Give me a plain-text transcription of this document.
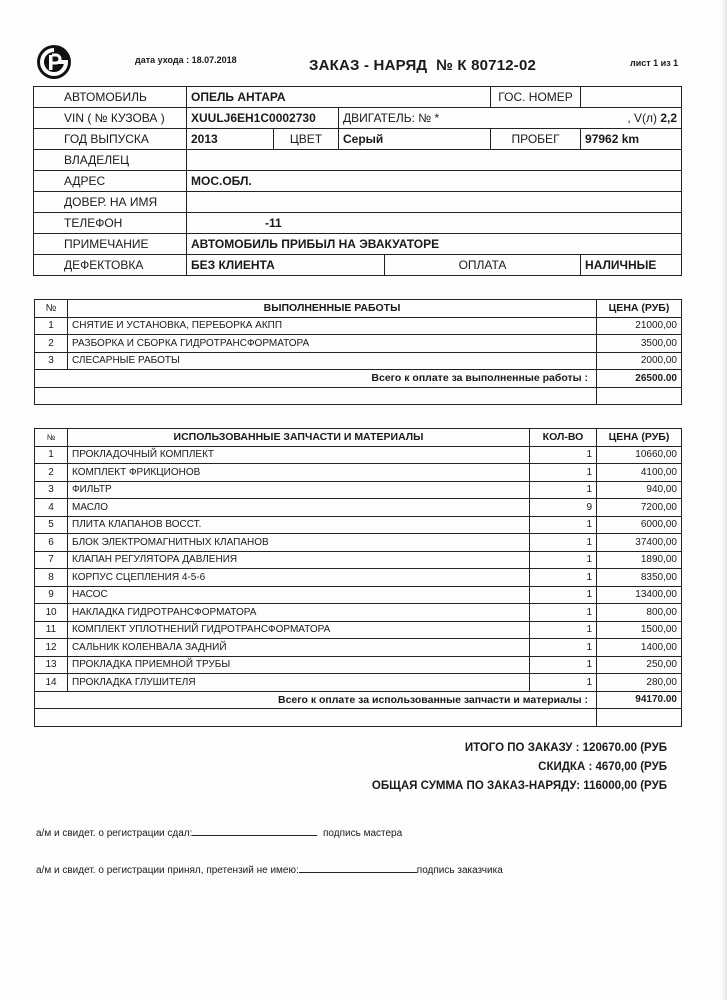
дата ухода : 18.07.2018	ЗАКАЗ - НАРЯД № К 80712-02	лист 1 из 1
АВТОМОБИЛЬ	ОПЕЛЬ АНТАРА				ГОС. НОМЕР	
VIN ( № КУЗОВА )	XUULJ6EH1C0002730		ДВИГАТЕЛЬ: № * , V(л) 2,2			

ГОД ВЫПУСКА	2013	ЦВЕТ	Серый		ПРОБЕГ	97962 km
ВЛАДЕЛЕЦ						
АДРЕС	МОС.ОБЛ.					
ДОВЕР. НА ИМЯ						
ТЕЛЕФОН	-11					
ПРИМЕЧАНИЕ	АВТОМОБИЛЬ ПРИБЫЛ НА ЭВАКУАТОРЕ					
ДЕФЕКТОВКА	БЕЗ КЛИЕНТА			ОПЛАТА		НАЛИЧНЫЕ
№	ВЫПОЛНЕННЫЕ РАБОТЫ	ЦЕНА (РУБ)
1	СНЯТИЕ И УСТАНОВКА, ПЕРЕБОРКА АКПП	21000,00
2	РАЗБОРКА И СБОРКА ГИДРОТРАНСФОРМАТОРА	3500,00
3	СЛЕСАРНЫЕ РАБОТЫ	2000,00
Всего к оплате за выполненные работы :		26500.00

№	ИСПОЛЬЗОВАННЫЕ ЗАПЧАСТИ И МАТЕРИАЛЫ	КОЛ-ВО	ЦЕНА (РУБ)
1	ПРОКЛАДОЧНЫЙ КОМПЛЕКТ	1	10660,00
2	КОМПЛЕКТ ФРИКЦИОНОВ	1	4100,00
3	ФИЛЬТР	1	940,00
4	МАСЛО	9	7200,00
5	ПЛИТА КЛАПАНОВ ВОССТ.	1	6000,00
6	БЛОК ЭЛЕКТРОМАГНИТНЫХ КЛАПАНОВ	1	37400,00
7	КЛАПАН РЕГУЛЯТОРА ДАВЛЕНИЯ	1	1890,00
8	КОРПУС СЦЕПЛЕНИЯ 4-5-6	1	8350,00
9	НАСОС	1	13400,00
10	НАКЛАДКА ГИДРОТРАНСФОРМАТОРА	1	800,00
11	КОМПЛЕКТ УПЛОТНЕНИЙ ГИДРОТРАНСФОРМАТОРА	1	1500,00
12	САЛЬНИК КОЛЕНВАЛА ЗАДНИЙ	1	1400,00
13	ПРОКЛАДКА ПРИЕМНОЙ ТРУБЫ	1	250,00
14	ПРОКЛАДКА ГЛУШИТЕЛЯ	1	280,00
Всего к оплате за использованные запчасти и материалы :			94170.00

ИТОГО ПО ЗАКАЗУ : 120670.00 (РУБ
СКИДКА : 4670,00 (РУБ
ОБЩАЯ СУММА ПО ЗАКАЗ-НАРЯДУ: 116000,00 (РУБ
а/м и свидет. о регистрации сдал:	подпись мастера
а/м и свидет. о регистрации принял, претензий не имею:	подпись заказчика
